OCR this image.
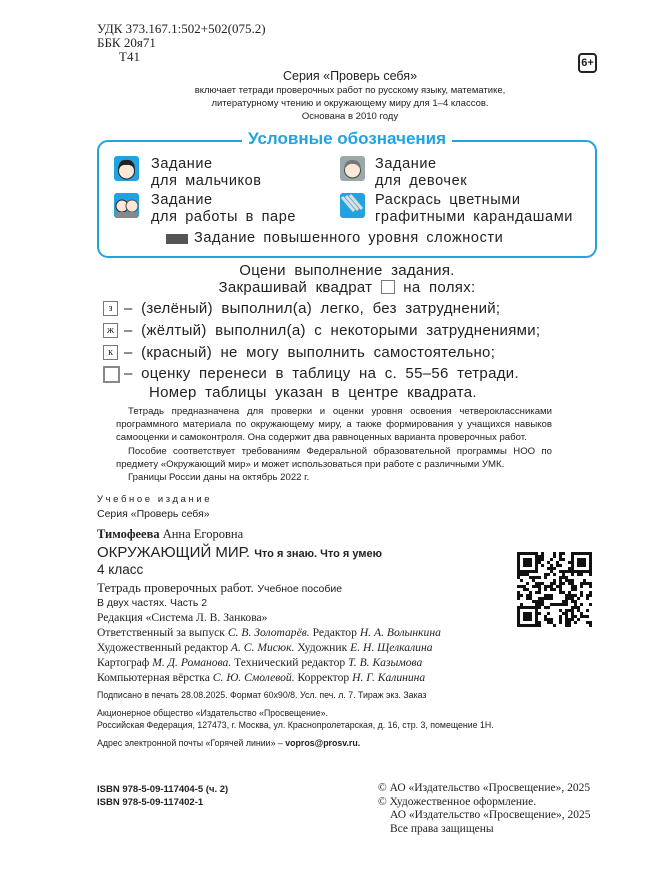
УДК 373.167.1:502+502(075.2)
ББК 20я71
Т41	6+
Серия «Проверь себя»
включает тетради проверочных работ по русскому языку, математике,
литературному чтению и окружающему миру для 1–4 классов.
Основана в 2010 году
Условные обозначения
Задание
для мальчиков
Задание
для девочек
Задание
для работы в паре
Раскрась цветными
графитными карандашами
Задание повышенного уровня сложности
Оцени выполнение задания.
Закрашивай квадрат на полях:
з – (зелёный) выполнил(а) легко, без затруднений;
ж – (жёлтый) выполнил(а) с некоторыми затруднениями;
к – (красный) не могу выполнить самостоятельно;
– оценку перенеси в таблицу на с. 55–56 тетради.
Номер таблицы указан в центре квадрата.

Тетрадь предназначена для проверки и оценки уровня освоения четвероклассниками программного материала по окружающему миру, а также формирования у учащихся навыков самооценки и самоконтроля. Она содержит два равноценных варианта проверочных работ.

Пособие соответствует требованиям Федеральной образовательной программы НОО по предмету «Окружающий мир» и может использоваться при работе с различными УМК.

Границы России даны на октябрь 2022 г.

Учебное издание
Серия «Проверь себя»
Тимофеева Анна Егоровна
ОКРУЖАЮЩИЙ МИР. Что я знаю. Что я умею
4 класс
Тетрадь проверочных работ. Учебное пособие
В двух частях. Часть 2
Редакция «Система Л. В. Занкова»
Ответственный за выпуск С. В. Золотарёв. Редактор Н. А. Волынкина
Художественный редактор А. С. Мисюк. Художник Е. Н. Щелкалина
Картограф М. Д. Романова. Технический редактор Т. В. Казымова
Компьютерная вёрстка С. Ю. Смолевой. Корректор Н. Г. Калинина
Подписано в печать 28.08.2025. Формат 60x90/8. Усл. печ. л. 7. Тираж экз. Заказ
Акционерное общество «Издательство «Просвещение».
Российская Федерация, 127473, г. Москва, ул. Краснопролетарская, д. 16, стр. 3, помещение 1Н.
Адрес электронной почты «Горячей линии» – vopros@prosv.ru.
ISBN 978-5-09-117404-5 (ч. 2)
ISBN 978-5-09-117402-1
© АО «Издательство «Просвещение», 2025
© Художественное оформление.
АО «Издательство «Просвещение», 2025
Все права защищены
